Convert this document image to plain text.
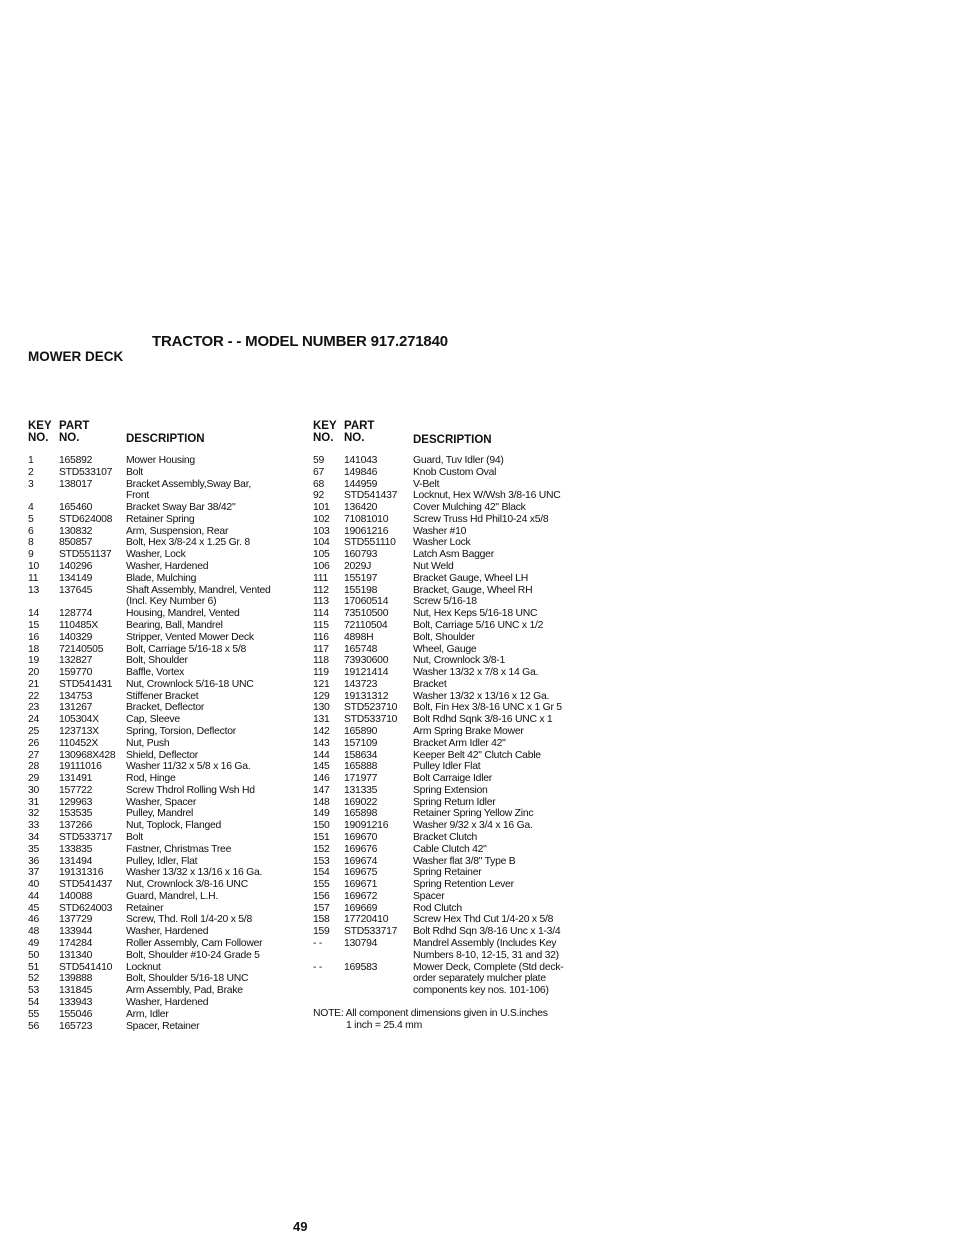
TRACTOR - - MODEL NUMBER 917.271840
MOWER DECK
KEY
NO.
PART
NO.	DESCRIPTION
1	165892	Mower Housing
2	STD533107	Bolt
3	138017	Bracket Assembly,Sway Bar,
Front
4	165460	Bracket Sway Bar 38/42"
5	STD624008	Retainer Spring
6	130832	Arm, Suspension, Rear
8	850857	Bolt, Hex 3/8-24 x 1.25 Gr. 8
9	STD551137	Washer, Lock
10	140296	Washer, Hardened
11	134149	Blade, Mulching
13	137645	Shaft Assembly, Mandrel, Vented
(Incl. Key Number 6)
14	128774	Housing, Mandrel, Vented
15	110485X	Bearing, Ball, Mandrel
16	140329	Stripper, Vented Mower Deck
18	72140505	Bolt, Carriage 5/16-18 x 5/8
19	132827	Bolt, Shoulder
20	159770	Baffle, Vortex
21	STD541431	Nut, Crownlock 5/16-18 UNC
22	134753	Stiffener Bracket
23	131267	Bracket, Deflector
24	105304X	Cap, Sleeve
25	123713X	Spring, Torsion, Deflector
26	110452X	Nut, Push
27	130968X428	Shield, Deflector
28	19111016	Washer 11/32 x 5/8 x 16 Ga.
29	131491	Rod, Hinge
30	157722	Screw Thdrol Rolling Wsh Hd
31	129963	Washer, Spacer
32	153535	Pulley, Mandrel
33	137266	Nut, Toplock, Flanged
34	STD533717	Bolt
35	133835	Fastner, Christmas Tree
36	131494	Pulley, Idler, Flat
37	19131316	Washer 13/32 x 13/16 x 16 Ga.
40	STD541437	Nut, Crownlock 3/8-16 UNC
44	140088	Guard, Mandrel, L.H.
45	STD624003	Retainer
46	137729	Screw, Thd. Roll 1/4-20 x 5/8
48	133944	Washer, Hardened
49	174284	Roller Assembly, Cam Follower
50	131340	Bolt, Shoulder #10-24 Grade 5
51	STD541410	Locknut
52	139888	Bolt, Shoulder 5/16-18 UNC
53	131845	Arm Assembly, Pad, Brake
54	133943	Washer, Hardened
55	155046	Arm, Idler
56	165723	Spacer, Retainer
KEY
NO.
PART
NO.	DESCRIPTION
59	141043	Guard, Tuv Idler (94)
67	149846	Knob Custom Oval
68	144959	V-Belt
92	STD541437	Locknut, Hex W/Wsh 3/8-16 UNC
101	136420	Cover Mulching 42" Black
102	71081010	Screw Truss Hd Phil10-24 x5/8
103	19061216	Washer #10
104	STD551110	Washer Lock
105	160793	Latch Asm Bagger
106	2029J	Nut Weld
111	155197	Bracket Gauge, Wheel LH
112	155198	Bracket, Gauge, Wheel RH
113	17060514	Screw 5/16-18
114	73510500	Nut, Hex Keps 5/16-18 UNC
115	72110504	Bolt, Carriage 5/16 UNC x 1/2
116	4898H	Bolt, Shoulder
117	165748	Wheel, Gauge
118	73930600	Nut, Crownlock 3/8-1
119	19121414	Washer 13/32 x 7/8 x 14 Ga.
121	143723	Bracket
129	19131312	Washer 13/32 x 13/16 x 12 Ga.
130	STD523710	Bolt, Fin Hex 3/8-16 UNC x 1 Gr 5
131	STD533710	Bolt Rdhd Sqnk 3/8-16 UNC x 1
142	165890	Arm Spring Brake Mower
143	157109	Bracket Arm Idler 42"
144	158634	Keeper Belt 42" Clutch Cable
145	165888	Pulley Idler Flat
146	171977	Bolt Carraige Idler
147	131335	Spring Extension
148	169022	Spring Return Idler
149	165898	Retainer Spring Yellow Zinc
150	19091216	Washer 9/32 x 3/4 x 16 Ga.
151	169670	Bracket Clutch
152	169676	Cable Clutch 42"
153	169674	Washer flat 3/8" Type B
154	169675	Spring Retainer
155	169671	Spring Retention Lever
156	169672	Spacer
157	169669	Rod Clutch
158	17720410	Screw Hex Thd Cut 1/4-20 x 5/8
159	STD533717	Bolt Rdhd Sqn 3/8-16 Unc x 1-3/4
- -	130794	Mandrel Assembly (Includes Key
Numbers 8-10, 12-15, 31 and 32)
- -	169583	Mower Deck, Complete (Std deck-
order separately mulcher plate
components key nos. 101-106)
NOTE: All component dimensions given in U.S.inches
1 inch = 25.4 mm
49
